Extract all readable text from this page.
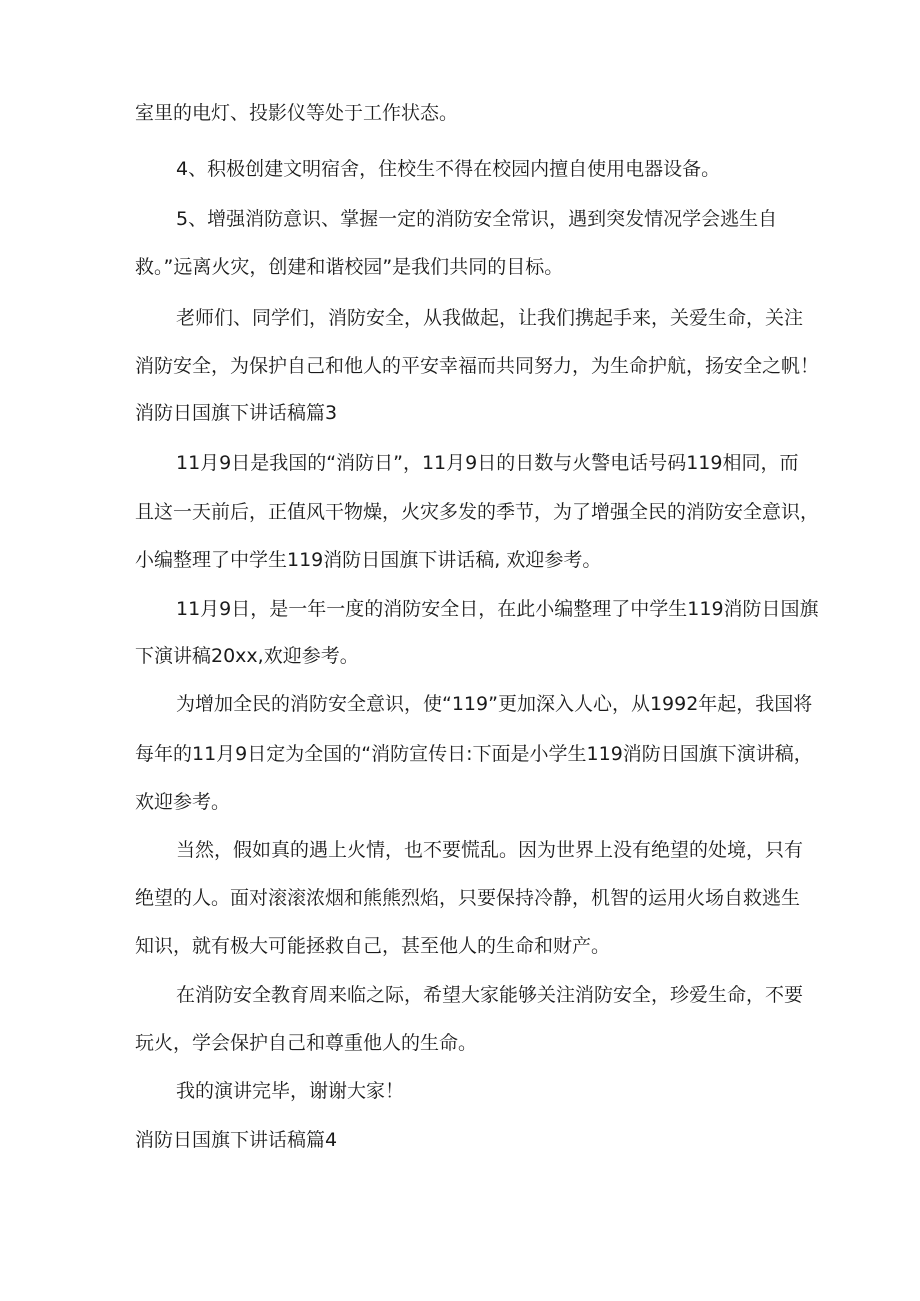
室里的电灯、投影仪等处于工作状态。
4、积极创建文明宿舍，住校生不得在校园内擅自使用电器设备。
5、增强消防意识、掌握一定的消防安全常识，遇到突发情况学会逃生自
救。”远离火灾，创建和谐校园”是我们共同的目标。
老师们、同学们，消防安全，从我做起，让我们携起手来，关爱生命，关注
消防安全，为保护自己和他人的平安幸福而共同努力，为生命护航，扬安全之帆！
消防日国旗下讲话稿篇3
11月9日是我国的“消防日”，11月9日的日数与火警电话号码119相同，而
且这一天前后，正值风干物燥，火灾多发的季节，为了增强全民的消防安全意识，
小编整理了中学生119消防日国旗下讲话稿, 欢迎参考。
11月9日，是一年一度的消防安全日，在此小编整理了中学生119消防日国旗
下演讲稿20xx,欢迎参考。
为增加全民的消防安全意识，使“119”更加深入人心，从1992年起，我国将
每年的11月9日定为全国的“消防宣传日:下面是小学生119消防日国旗下演讲稿，
欢迎参考。
当然，假如真的遇上火情，也不要慌乱。因为世界上没有绝望的处境，只有
绝望的人。面对滚滚浓烟和熊熊烈焰，只要保持冷静，机智的运用火场自救逃生
知识，就有极大可能拯救自己，甚至他人的生命和财产。
在消防安全教育周来临之际，希望大家能够关注消防安全，珍爱生命，不要
玩火，学会保护自己和尊重他人的生命。
我的演讲完毕，谢谢大家！
消防日国旗下讲话稿篇4
